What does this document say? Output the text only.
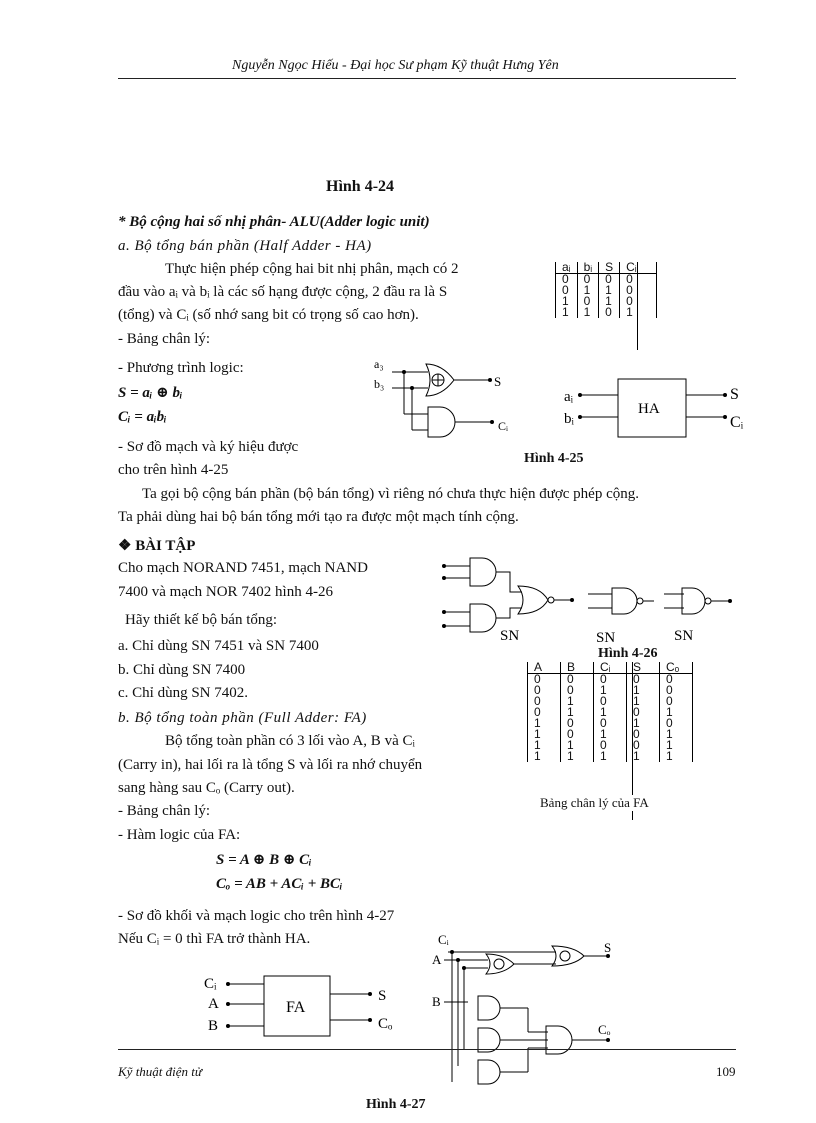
Nguyễn Ngọc Hiếu - Đại học Sư phạm Kỹ thuật Hưng Yên
Hình 4-24
* Bộ cộng hai số nhị phân- ALU(Adder logic unit)
a. Bộ tổng bán phần (Half Adder - HA)
Thực hiện phép cộng hai bit nhị phân, mạch có 2
đầu vào aᵢ và bᵢ là các số hạng được cộng, 2 đầu ra là S
(tổng) và Cᵢ (số nhớ sang bit có trọng số cao hơn).
- Bảng chân lý:
- Phương trình logic:
S = aᵢ ⊕ bᵢ
Cᵢ = aᵢbᵢ
- Sơ đồ mạch và ký hiệu được
cho trên hình 4-25
aᵢ	bᵢ	S	Cᵢ
0	0	0	0
0	1	1	0
1	0	1	0
1	1	0	1
a₃
b₃	S
Cᵢ
aᵢ
bᵢ
HA
S
Cᵢ
Hình 4-25
Ta gọi bộ cộng bán phần (bộ bán tổng) vì riêng nó chưa thực hiện được phép cộng.
Ta phải dùng hai bộ bán tổng mới tạo ra được một mạch tính cộng.
❖ BÀI TẬP
Cho mạch NORAND 7451, mạch NAND
7400 và mạch NOR 7402 hình 4-26
Hãy thiết kế bộ bán tổng:
a. Chỉ dùng SN 7451 và SN 7400
b. Chỉ dùng SN 7400
c. Chỉ dùng SN 7402.
SN	SN	SN
Hình 4-26
A	B	Cᵢ	S	Cₒ
0	0	0	0	0
0	0	1	1	0
0	1	0	1	0
0	1	1	0	1
1	0	0	1	0
1	0	1	0	1
1	1	0	0	1
1	1	1	1	1
Bảng chân lý của FA
b. Bộ tổng toàn phần (Full Adder: FA)
Bộ tổng toàn phần có 3 lối vào A, B và Cᵢ
(Carry in), hai lối ra là tổng S và lối ra nhớ chuyển
sang hàng sau Cₒ (Carry out).
- Bảng chân lý:
- Hàm logic của FA:
S = A ⊕ B ⊕ Cᵢ
Cₒ = AB + ACᵢ + BCᵢ
- Sơ đồ khối và mạch logic cho trên hình 4-27
Nếu Cᵢ = 0 thì FA trở thành HA.
Cᵢ
A
B
FA
S
Cₒ
Cᵢ
A
B
S
Cₒ
Kỹ thuật điện tử	109
Hình 4-27
